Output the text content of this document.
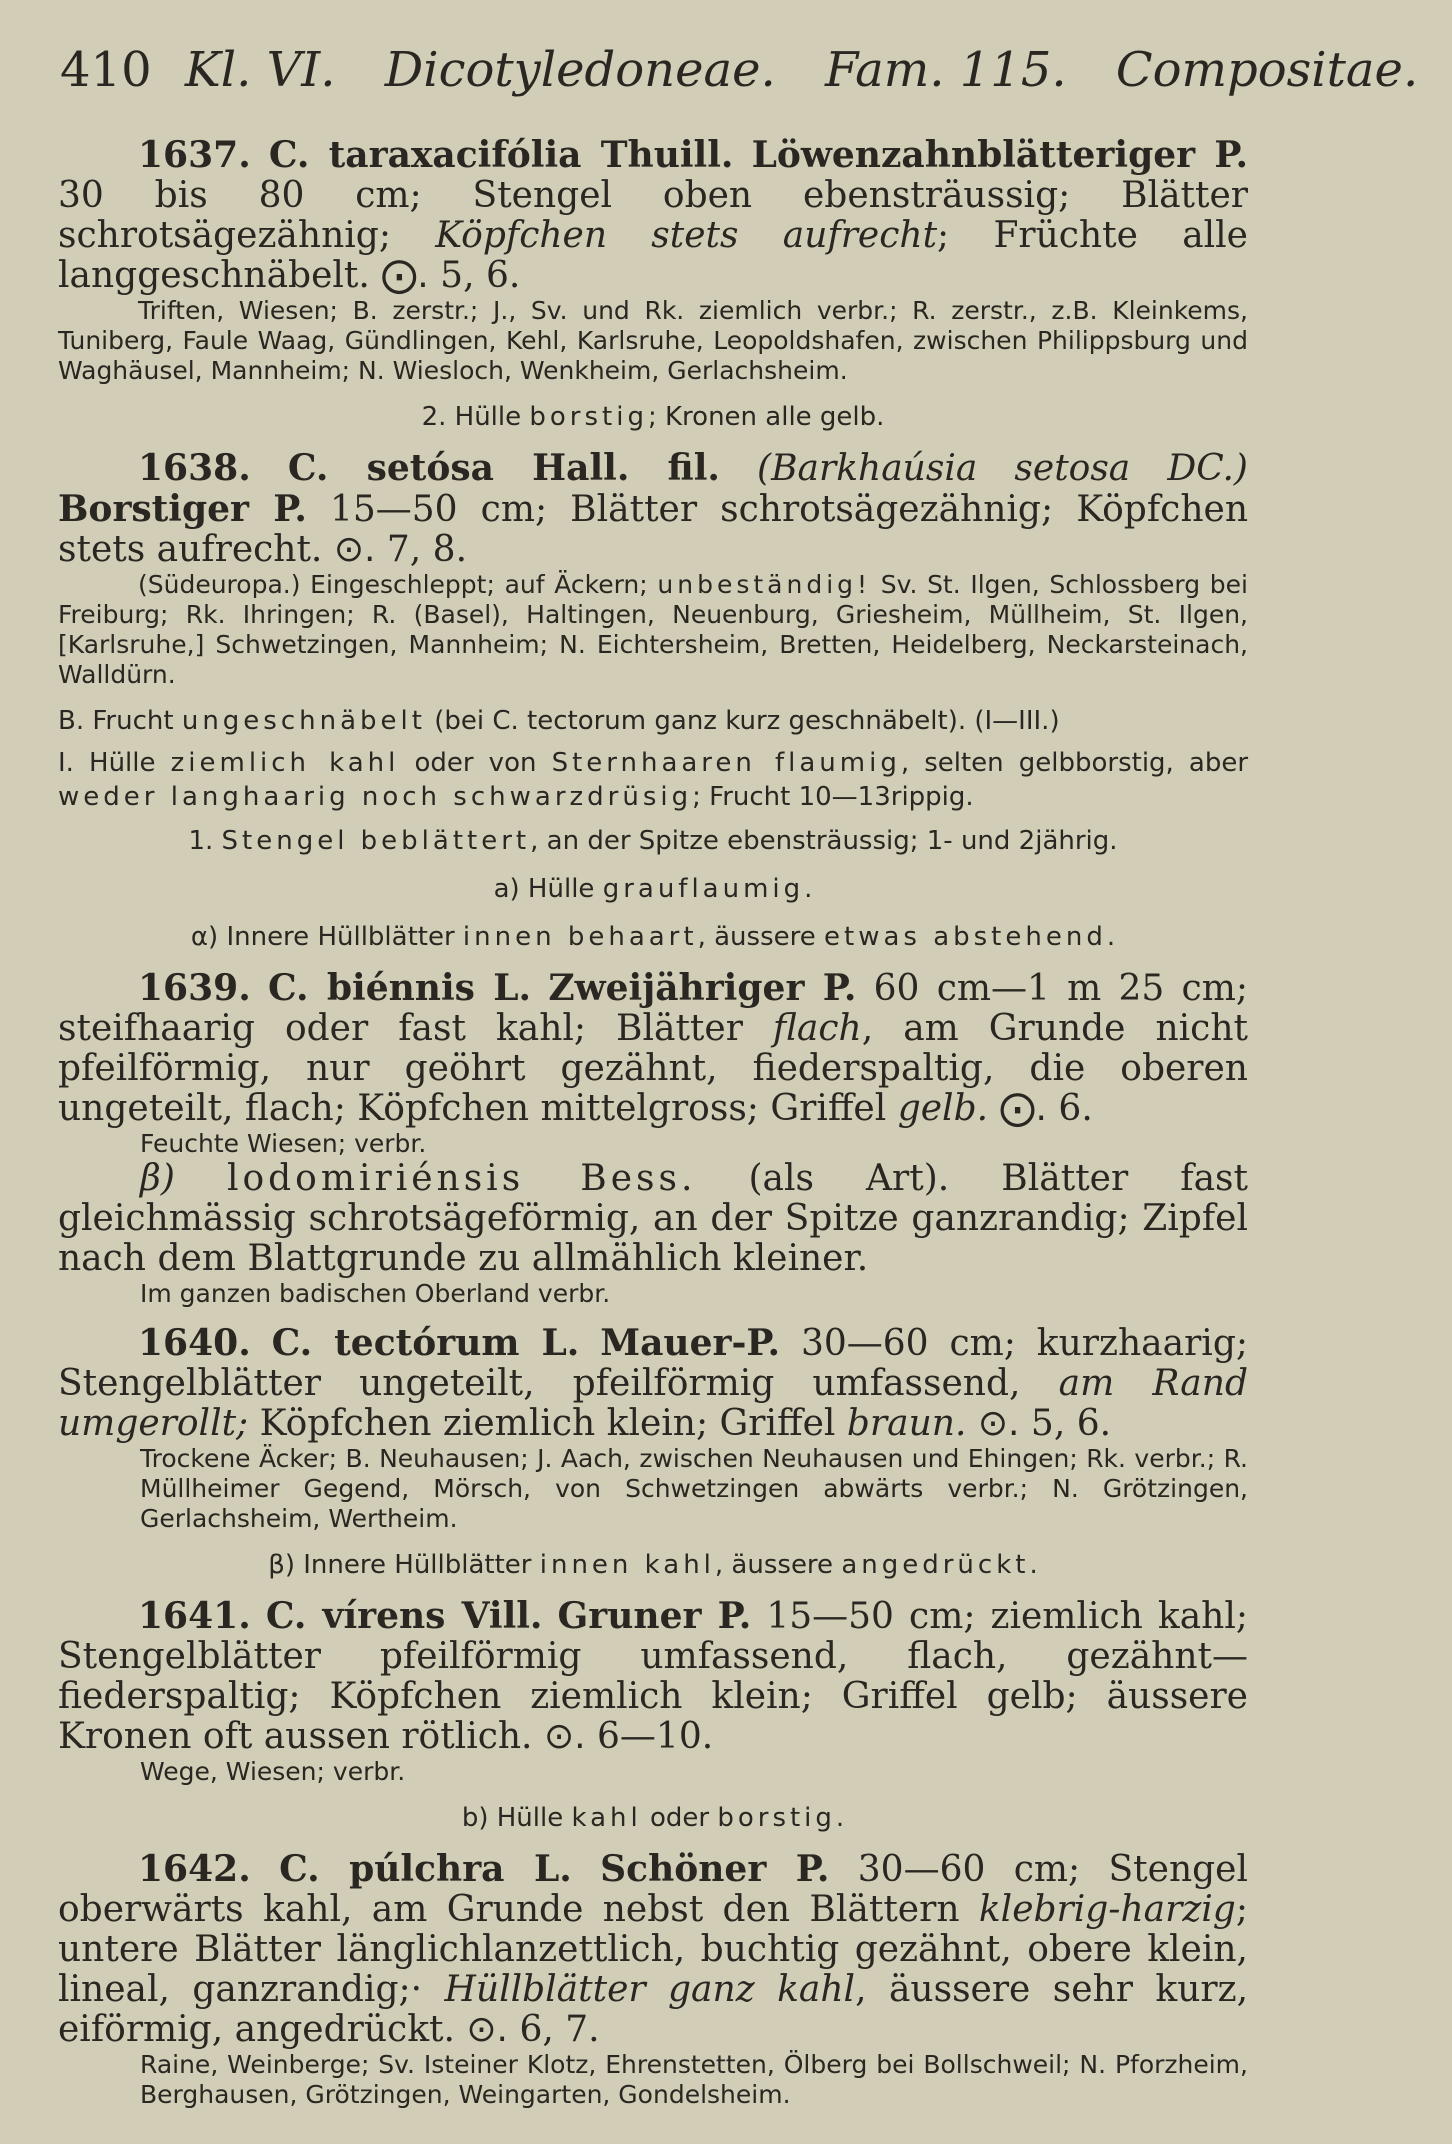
410 Kl. VI. Dicotyledoneae. Fam. 115. Compositae.

1637. C. taraxacifólia Thuill. Löwenzahnblätteriger P. 30 bis 80 cm; Stengel oben ebensträussig; Blätter schrotsägezähnig; Köpfchen stets aufrecht; Früchte alle langgeschnäbelt. ⨀. 5, 6.

Triften, Wiesen; B. zerstr.; J., Sv. und Rk. ziemlich verbr.; R. zerstr., z.B. Kleinkems, Tuniberg, Faule Waag, Gündlingen, Kehl, Karlsruhe, Leopoldshafen, zwischen Philippsburg und Waghäusel, Mannheim; N. Wiesloch, Wenkheim, Gerlachsheim.

2. Hülle borstig; Kronen alle gelb.

1638. C. setósa Hall. fil. (Barkhaúsia setosa DC.) Borstiger P. 15—50 cm; Blätter schrotsägezähnig; Köpfchen stets aufrecht. ⊙. 7, 8.

(Südeuropa.) Eingeschleppt; auf Äckern; unbeständig! Sv. St. Ilgen, Schlossberg bei Freiburg; Rk. Ihringen; R. (Basel), Haltingen, Neuenburg, Griesheim, Müllheim, St. Ilgen, [Karlsruhe,] Schwetzingen, Mannheim; N. Eichtersheim, Bretten, Heidelberg, Neckarsteinach, Walldürn.

B. Frucht ungeschnäbelt (bei C. tectorum ganz kurz geschnäbelt). (I—III.)

I. Hülle ziemlich kahl oder von Sternhaaren flaumig, selten gelbborstig, aber weder langhaarig noch schwarzdrüsig; Frucht 10—13rippig.

1. Stengel beblättert, an der Spitze ebensträussig; 1- und 2jährig.

a) Hülle grauflaumig.

α) Innere Hüllblätter innen behaart, äussere etwas abstehend.

1639. C. biénnis L. Zweijähriger P. 60 cm—1 m 25 cm; steifhaarig oder fast kahl; Blätter flach, am Grunde nicht pfeilförmig, nur geöhrt gezähnt, fiederspaltig, die oberen ungeteilt, flach; Köpfchen mittelgross; Griffel gelb. ⨀. 6.

Feuchte Wiesen; verbr.

β) lodomiriénsis Bess. (als Art). Blätter fast gleichmässig schrotsägeförmig, an der Spitze ganzrandig; Zipfel nach dem Blattgrunde zu allmählich kleiner.

Im ganzen badischen Oberland verbr.

1640. C. tectórum L. Mauer-P. 30—60 cm; kurzhaarig; Stengelblätter ungeteilt, pfeilförmig umfassend, am Rand umgerollt; Köpfchen ziemlich klein; Griffel braun. ⊙. 5, 6.

Trockene Äcker; B. Neuhausen; J. Aach, zwischen Neuhausen und Ehingen; Rk. verbr.; R. Müllheimer Gegend, Mörsch, von Schwetzingen abwärts verbr.; N. Grötzingen, Gerlachsheim, Wertheim.

β) Innere Hüllblätter innen kahl, äussere angedrückt.

1641. C. vírens Vill. Gruner P. 15—50 cm; ziemlich kahl; Stengelblätter pfeilförmig umfassend, flach, gezähnt—fiederspaltig; Köpfchen ziemlich klein; Griffel gelb; äussere Kronen oft aussen rötlich. ⊙. 6—10.

Wege, Wiesen; verbr.

b) Hülle kahl oder borstig.

1642. C. púlchra L. Schöner P. 30—60 cm; Stengel oberwärts kahl, am Grunde nebst den Blättern klebrig-harzig; untere Blätter länglichlanzettlich, buchtig gezähnt, obere klein, lineal, ganzrandig;· Hüllblätter ganz kahl, äussere sehr kurz, eiförmig, angedrückt. ⊙. 6, 7.

Raine, Weinberge; Sv. Isteiner Klotz, Ehrenstetten, Ölberg bei Bollschweil; N. Pforzheim, Berghausen, Grötzingen, Weingarten, Gondelsheim.
